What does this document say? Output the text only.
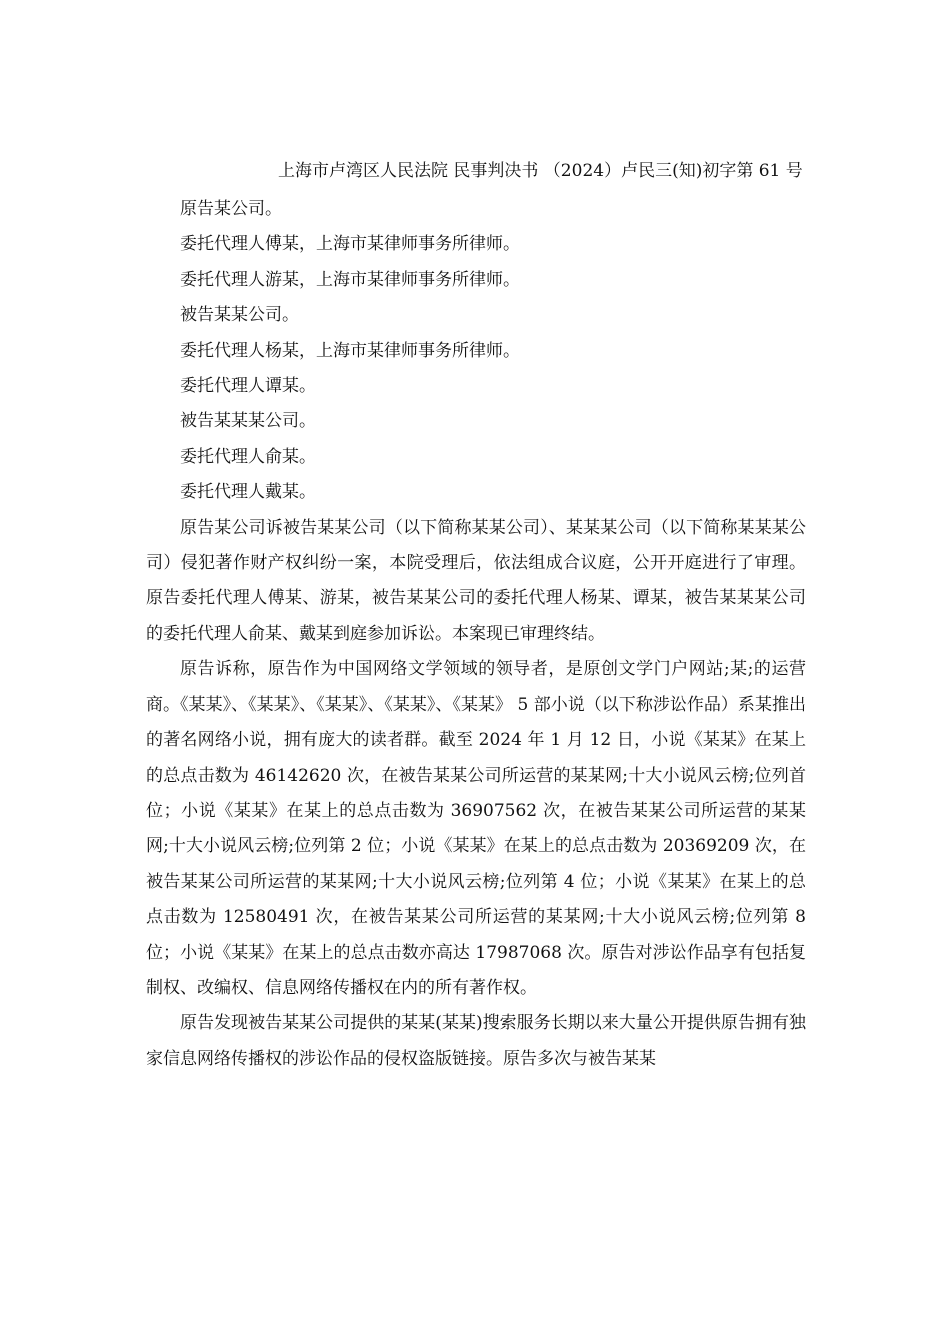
上海市卢湾区人民法院 民事判决书 （2024）卢民三(知)初字第 61 号

原告某公司。

委托代理人傅某，上海市某律师事务所律师。

委托代理人游某，上海市某律师事务所律师。

被告某某公司。

委托代理人杨某，上海市某律师事务所律师。

委托代理人谭某。

被告某某某公司。

委托代理人俞某。

委托代理人戴某。

原告某公司诉被告某某公司（以下简称某某公司）、某某某公司（以下简称某某某公司）侵犯著作财产权纠纷一案，本院受理后，依法组成合议庭，公开开庭进行了审理。原告委托代理人傅某、游某，被告某某公司的委托代理人杨某、谭某，被告某某某公司的委托代理人俞某、戴某到庭参加诉讼。本案现已审理终结。

原告诉称，原告作为中国网络文学领域的领导者，是原创文学门户网站;某;的运营商。《某某》、《某某》、《某某》、《某某》、《某某》 5 部小说（以下称涉讼作品）系某推出的著名网络小说，拥有庞大的读者群。截至 2024 年 1 月 12 日，小说《某某》在某上的总点击数为 46142620 次，在被告某某公司所运营的某某网;十大小说风云榜;位列首位；小说《某某》在某上的总点击数为 36907562 次，在被告某某公司所运营的某某网;十大小说风云榜;位列第 2 位；小说《某某》在某上的总点击数为 20369209 次，在被告某某公司所运营的某某网;十大小说风云榜;位列第 4 位；小说《某某》在某上的总点击数为 12580491 次，在被告某某公司所运营的某某网;十大小说风云榜;位列第 8 位；小说《某某》在某上的总点击数亦高达 17987068 次。原告对涉讼作品享有包括复制权、改编权、信息网络传播权在内的所有著作权。

原告发现被告某某公司提供的某某(某某)搜索服务长期以来大量公开提供原告拥有独家信息网络传播权的涉讼作品的侵权盗版链接。原告多次与被告某某
